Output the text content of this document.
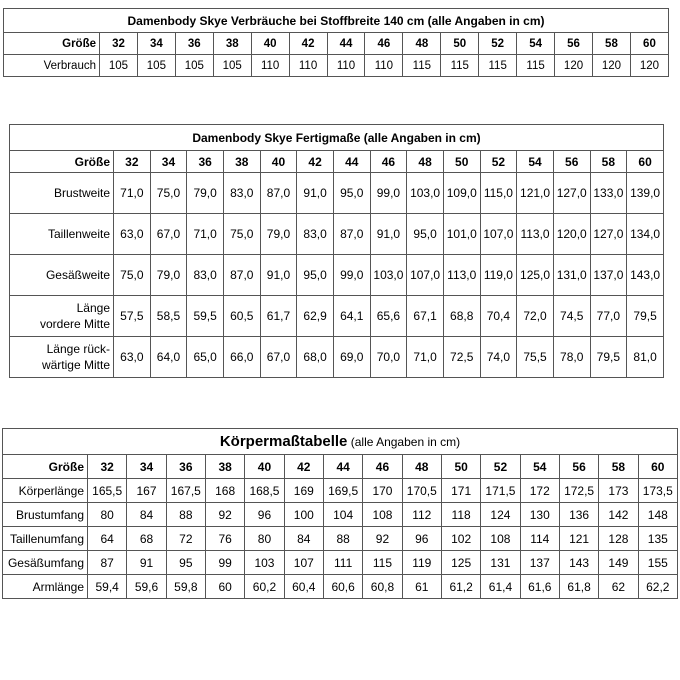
Damenbody Skye Verbräuche bei Stoffbreite 140 cm (alle Angaben in cm)															
Größe	32	34	36	38	40	42	44	46	48	50	52	54	56	58	60
Verbrauch	105	105	105	105	110	110	110	110	115	115	115	115	120	120	120
Damenbody Skye Fertigmaße (alle Angaben in cm)															
Größe	32	34	36	38	40	42	44	46	48	50	52	54	56	58	60
Brustweite	71,0	75,0	79,0	83,0	87,0	91,0	95,0	99,0	103,0	109,0	115,0	121,0	127,0	133,0	139,0
Taillenweite	63,0	67,0	71,0	75,0	79,0	83,0	87,0	91,0	95,0	101,0	107,0	113,0	120,0	127,0	134,0
Gesäßweite	75,0	79,0	83,0	87,0	91,0	95,0	99,0	103,0	107,0	113,0	119,0	125,0	131,0	137,0	143,0
Länge
vordere Mitte	57,5	58,5	59,5	60,5	61,7	62,9	64,1	65,6	67,1	68,8	70,4	72,0	74,5	77,0	79,5
Länge rück-
wärtige Mitte	63,0	64,0	65,0	66,0	67,0	68,0	69,0	70,0	71,0	72,5	74,0	75,5	78,0	79,5	81,0
Körpermaßtabelle (alle Angaben in cm)															
Größe	32	34	36	38	40	42	44	46	48	50	52	54	56	58	60
Körperlänge	165,5	167	167,5	168	168,5	169	169,5	170	170,5	171	171,5	172	172,5	173	173,5
Brustumfang	80	84	88	92	96	100	104	108	112	118	124	130	136	142	148
Taillenumfang	64	68	72	76	80	84	88	92	96	102	108	114	121	128	135
Gesäßumfang	87	91	95	99	103	107	111	115	119	125	131	137	143	149	155
Armlänge	59,4	59,6	59,8	60	60,2	60,4	60,6	60,8	61	61,2	61,4	61,6	61,8	62	62,2
